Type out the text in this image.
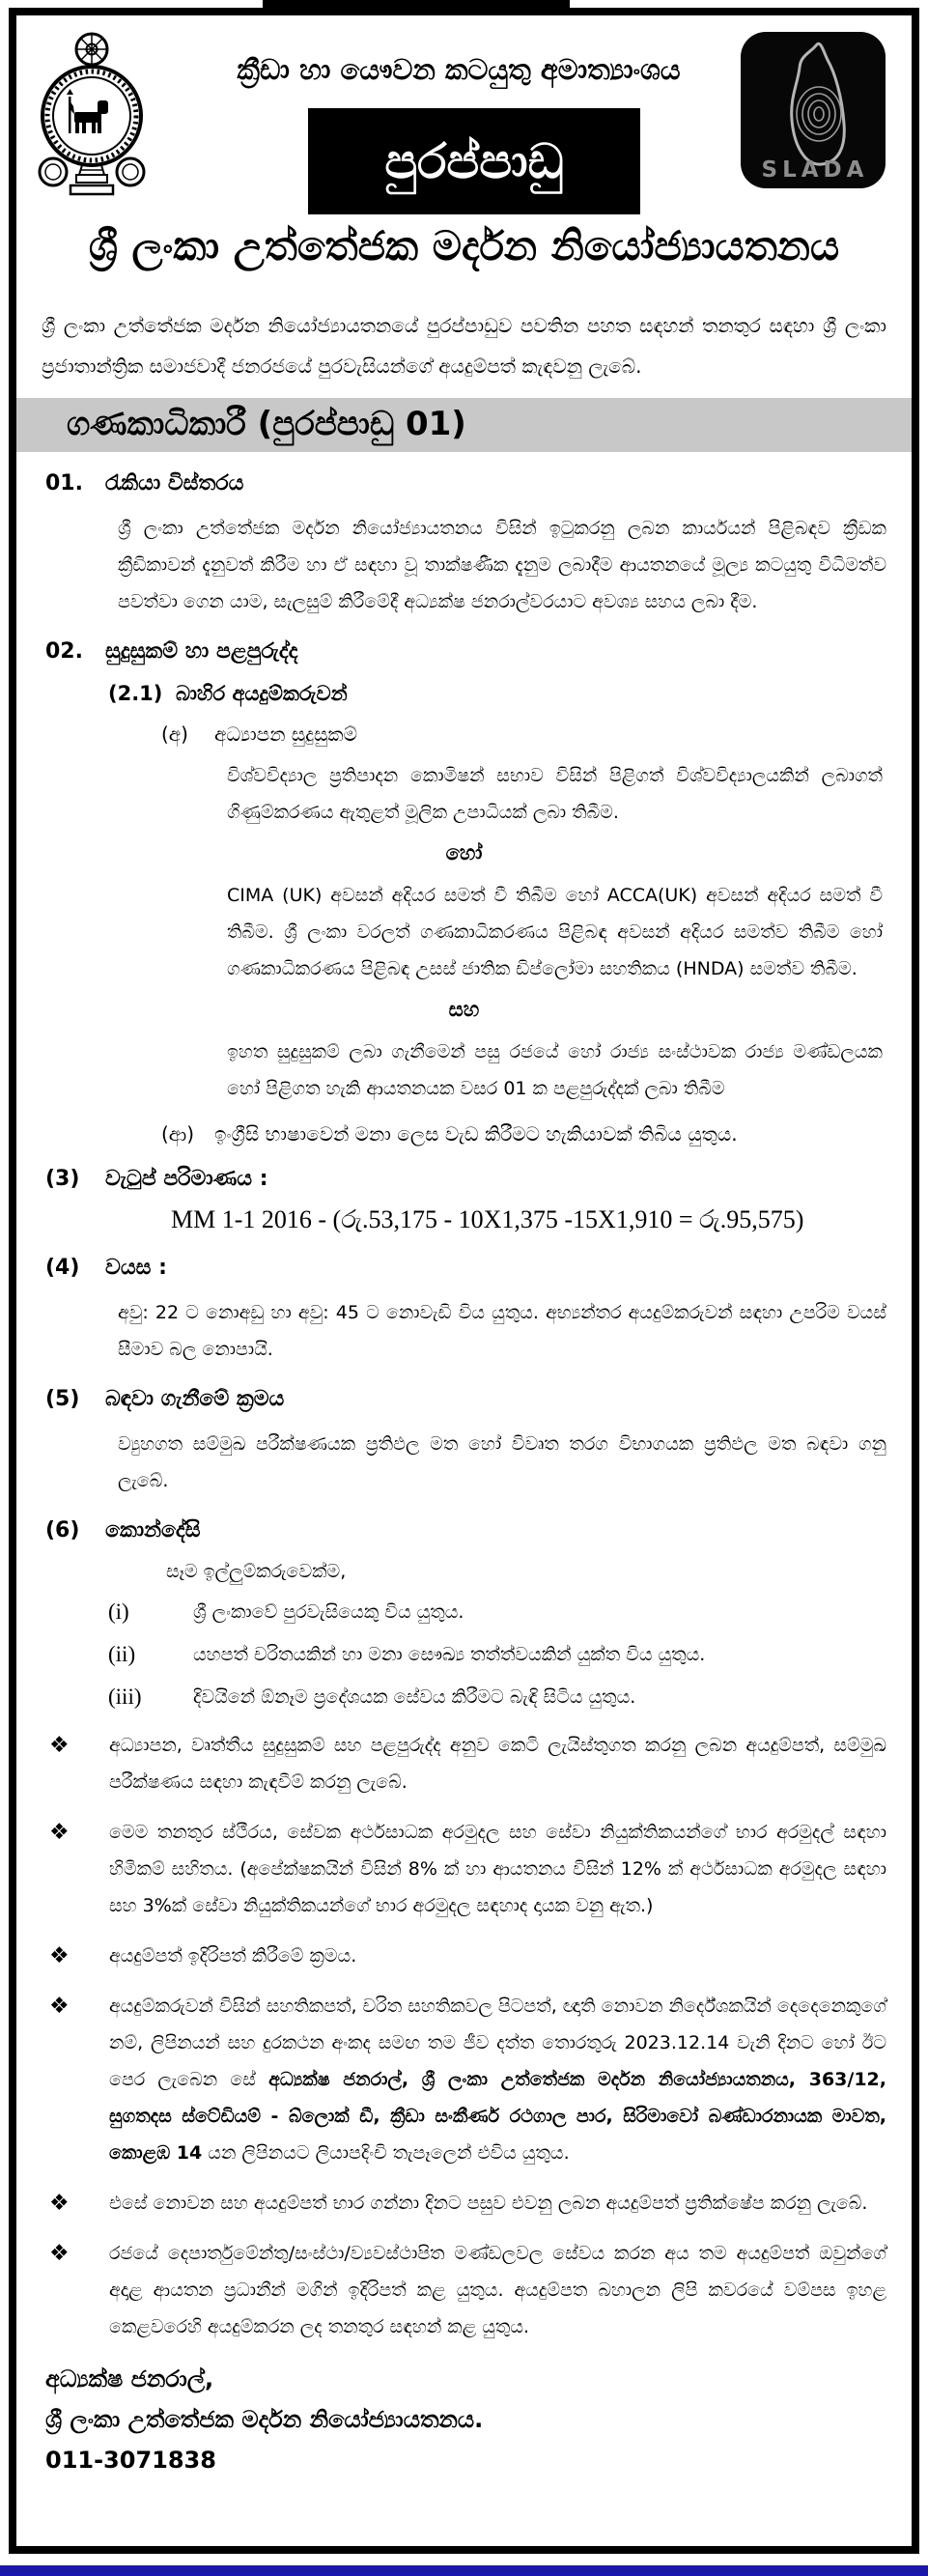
ක්‍රීඩා හා යෞවන කටයුතු අමාත්‍යාංශය
පුරප්පාඩු	SLADA
ශ්‍රී ලංකා උත්තේජක මර්දන නියෝජ්‍යායතනය

ශ්‍රී ලංකා උත්තේජක මර්දන නියෝජ්‍යායතනයේ පුරප්පාඩුව පවතින පහත සඳහන් තනතුර සඳහා ශ්‍රී ලංකා ප්‍රජාතාන්ත්‍රික සමාජවාදී ජනරජයේ පුරවැසියන්ගේ අයදුම්පත් කැඳවනු ලැබේ.

ගණකාධිකාරී (පුරප්පාඩු 01)
01.	රැකියා විස්තරය

ශ්‍රී ලංකා උත්තේජක මර්දන නියෝජ්‍යායතනය විසින් ඉටුකරනු ලබන කාර්යයන් පිළිබඳව ක්‍රීඩක ක්‍රීඩිකාවන් දැනුවත් කිරීම හා ඒ සඳහා වූ තාක්ෂණීක දැනුම ලබාදීම ආයතනයේ මූල්‍ය කටයුතු විධිමත්ව පවත්වා ගෙන යාම, සැලසුම් කිරීමේදී අධ්‍යක්ෂ ජනරාල්වරයාට අවශ්‍ය සහය ලබා දීම.

02.	සුදුසුකම් හා පළපුරුද්ද
(2.1) බාහිර අයදුම්කරුවන්
(අ)	අධ්‍යාපන සුදුසුකම්

විශ්වවිද්‍යාල ප්‍රතිපාදන කොමිෂන් සභාව විසින් පිළිගත් විශ්වවිද්‍යාලයකින් ලබාගත් ගිණුම්කරණය ඇතුළත් මූලික උපාධියක් ලබා තිබීම.

හෝ

CIMA (UK) අවසන් අදියර සමත් වී තිබීම හෝ ACCA(UK) අවසන් අදියර සමත් වී තිබීම. ශ්‍රී ලංකා වරලත් ගණකාධිකරණය පිළිබඳ අවසන් අදියර සමත්ව තිබීම හෝ ගණකාධිකරණය පිළිබඳ උසස් ජාතික ඩිප්ලෝමා සහතිකය (HNDA) සමත්ව තිබීම.

සහ

ඉහත සුදුසුකම් ලබා ගැනීමෙන් පසු රජයේ හෝ රාජ්‍ය සංස්ථාවක රාජ්‍ය මණ්ඩලයක හෝ පිළිගත හැකි ආයතනයක වසර 01 ක පළපුරුද්දක් ලබා තිබීම

(ආ)	ඉංග්‍රීසි භාෂාවෙන් මනා ලෙස වැඩ කිරීමට හැකියාවක් තිබිය යුතුය.
(3)	වැටුප් පරිමාණය :
MM 1-1 2016 - (රු.53,175 - 10X1,375 -15X1,910 = රු.95,575)
(4)	වයස :

අවු: 22 ට නොඅඩු හා අවු: 45 ට නොවැඩි විය යුතුය. අභ්‍යන්තර අයදුම්කරුවන් සඳහා උපරිම වයස් සීමාව බල නොපායි.

(5)	බඳවා ගැනීමේ ක්‍රමය

ව්‍යුහගත සම්මුඛ පරීක්ෂණයක ප්‍රතිඵල මත හෝ විවෘත තරග විභාගයක ප්‍රතිඵල මත බඳවා ගනු ලැබේ.

(6)	කොන්දේසි
සෑම ඉල්ලුම්කරුවෙක්ම,
(i)	ශ්‍රී ලංකාවේ පුරවැසියෙකු විය යුතුය.
(ii)	යහපත් චරිතයකින් හා මනා සෞඛ්‍ය තත්ත්වයකින් යුක්ත විය යුතුය.
(iii)	දිවයිනේ ඕනෑම ප්‍රදේශයක සේවය කිරීමට බැඳි සිටිය යුතුය.
❖	අධ්‍යාපන, වෘත්තීය සුදුසුකම් සහ පළපුරුද්ද අනුව කෙටි ලැයිස්තුගත කරනු ලබන අයදුම්පත්, සම්මුඛ පරීක්ෂණය සඳහා කැඳවීම් කරනු ලැබේ.
❖	මෙම තනතුර ස්ථීරය, සේවක අර්ථසාධක අරමුදල සහ සේවා නියුක්තිකයන්ගේ භාර අරමුදල් සඳහා හිමිකම් සහිතය. (අපේක්ෂකයින් විසින් 8% ක් හා ආයතනය විසින් 12% ක් අර්ථසාධක අරමුදල සඳහා සහ 3%ක් සේවා නියුක්තිකයන්ගේ භාර අරමුදල සඳහාද දායක වනු ඇත.)
❖	අයදුම්පත් ඉදිරිපත් කිරීමේ ක්‍රමය.
❖	අයදුම්කරුවන් විසින් සහතිකපත්, චරිත සහතිකවල පිටපත්, ඥාති නොවන නිර්දේශකයින් දෙදෙනෙකුගේ නම්, ලිපිනයන් සහ දුරකථන අංකද සමඟ තම ජීව දත්ත තොරතුරු 2023.12.14 වැනි දිනට හෝ ඊට පෙර ලැබෙන සේ අධ්‍යක්ෂ ජනරාල්, ශ්‍රී ලංකා උත්තේජක මර්දන නියෝජ්‍යායතනය, 363/12, සුගතදස ස්ටේඩියම් - බ්ලොක් ඩී, ක්‍රීඩා සංකීර්ණ රථගාල පාර, සිරිමාවෝ බණ්ඩාරනායක මාවත, කොළඹ 14 යන ලිපිනයට ලියාපදිංචි තැපෑලෙන් එවිය යුතුය.
❖	එසේ නොවන සහ අයදුම්පත් භාර ගන්නා දිනට පසුව එවනු ලබන අයදුම්පත් ප්‍රතික්ෂේප කරනු ලැබේ.
❖	රජයේ දෙපාර්තුමේන්තු/සංස්ථා/ව්‍යවස්ථාපිත මණ්ඩලවල සේවය කරන අය තම අයදුම්පත් ඔවුන්ගේ අදාළ ආයතන ප්‍රධානීන් මගින් ඉදිරිපත් කළ යුතුය. අයදුම්පත බහාලන ලිපි කවරයේ වම්පස ඉහළ කෙළවරෙහි අයදුම්කරන ලද තනතුර සඳහන් කළ යුතුය.
අධ්‍යක්ෂ ජනරාල්,
ශ්‍රී ලංකා උත්තේජක මර්දන නියෝජ්‍යායතනය.
011-3071838
